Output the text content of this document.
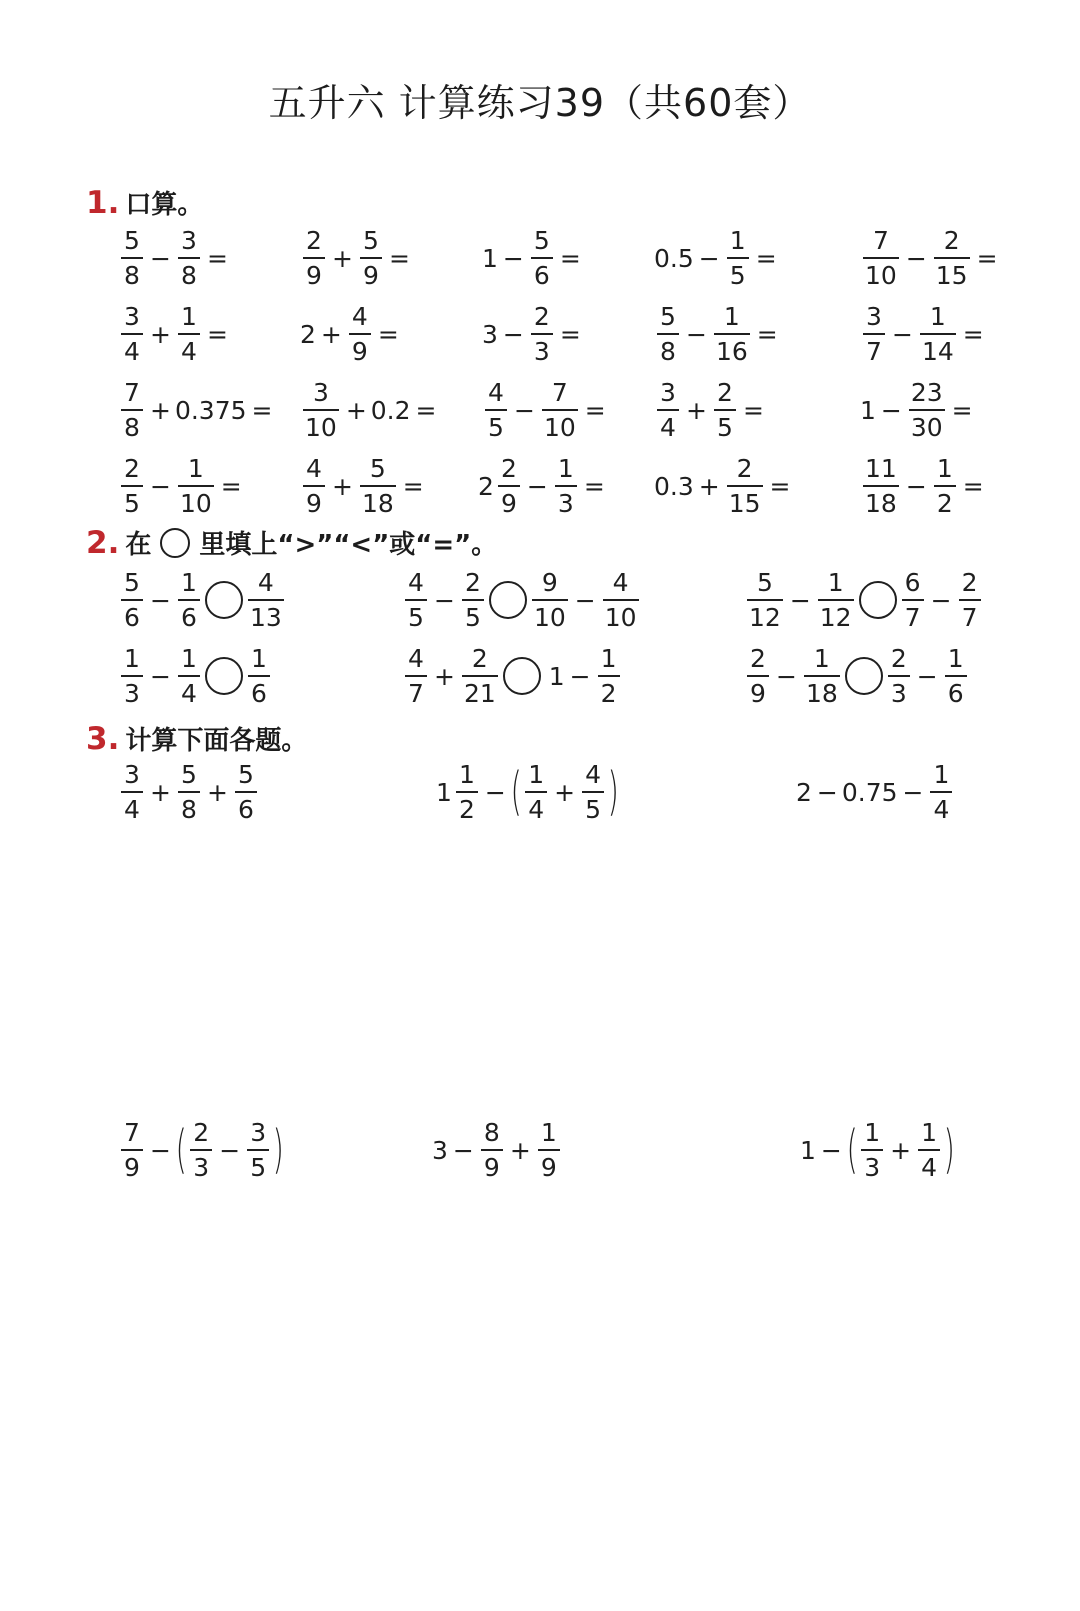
五升六 计算练习39（共60套）
1. 口算。
$\frac{5}{8} - \frac{3}{8}$ =	$\frac{2}{9} + \frac{5}{9}$ =	$1 - \frac{5}{6}$ =	$0.5 - \frac{1}{5}$ =	$\frac{7}{10} - \frac{2}{15}$ =
$\frac{3}{4} + \frac{1}{4}$ =	$2 + \frac{4}{9}$ =	$3 - \frac{2}{3}$ =	$\frac{5}{8} - \frac{1}{16}$ =	$\frac{3}{7} - \frac{1}{14}$ =
$\frac{7}{8} + 0.375 = \frac{3}{10} + 0.2 = \frac{4}{5} - \frac{7}{10} = \frac{3}{4} + \frac{2}{5}$ =	$1 - \frac{23}{30}$ =
$\frac{2}{5} - \frac{1}{10} = \frac{4}{9} + \frac{5}{18} = 2 \frac{2}{9} - \frac{1}{3} = 0.3 + \frac{2}{15}$ =	$\frac{11}{18} - \frac{1}{2}$ =
2. 在 里填上“>”“<”或“=”。
$\frac{5}{6} - \frac{1}{6} \frac{4}{13}$	$\frac{4}{5} - \frac{2}{5} \frac{9}{10} - \frac{4}{10}$	$\frac{5}{12} - \frac{1}{12} \frac{6}{7} - \frac{2}{7}$
$\frac{1}{3} - \frac{1}{4} \frac{1}{6}$	$\frac{4}{7} + \frac{2}{21} 1 - \frac{1}{2}$	$\frac{2}{9} - \frac{1}{18} \frac{2}{3} - \frac{1}{6}$
3. 计算下面各题。
$\frac{3}{4} + \frac{5}{8} + \frac{5}{6}$	$1 \frac{1}{2}$ − ( $\frac{1}{4} + \frac{4}{5}$ )	$2 - 0.75 - \frac{1}{4}$
$\frac{7}{9}$ − ( $\frac{2}{3} - \frac{3}{5}$ )	$3 - \frac{8}{9} + \frac{1}{9}$	1 − ( $\frac{1}{3} + \frac{1}{4}$ )
